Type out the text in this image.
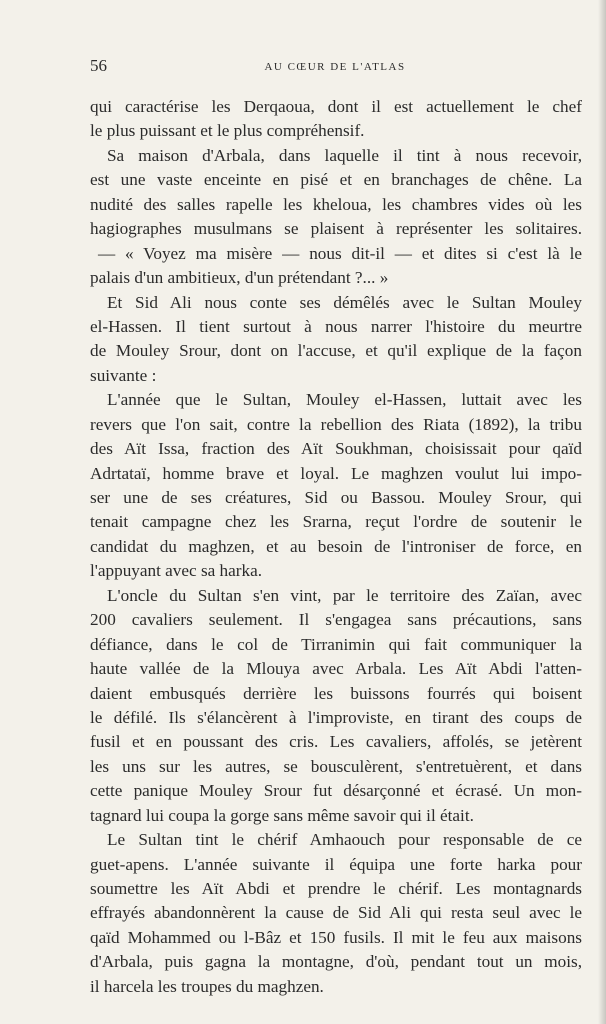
56	AU CŒUR DE L'ATLAS
qui caractérise les Derqaoua, dont il est actuellement le chef
le plus puissant et le plus compréhensif.
Sa maison d'Arbala, dans laquelle il tint à nous recevoir,
est une vaste enceinte en pisé et en branchages de chêne. La
nudité des salles rapelle les kheloua, les chambres vides où les
hagiographes musulmans se plaisent à représenter les solitaires.
— « Voyez ma misère — nous dit-il — et dites si c'est là le
palais d'un ambitieux, d'un prétendant ?... »
Et Sid Ali nous conte ses démêlés avec le Sultan Mouley
el-Hassen. Il tient surtout à nous narrer l'histoire du meurtre
de Mouley Srour, dont on l'accuse, et qu'il explique de la façon
suivante :
L'année que le Sultan, Mouley el-Hassen, luttait avec les
revers que l'on sait, contre la rebellion des Riata (1892), la tribu
des Aït Issa, fraction des Aït Soukhman, choisissait pour qaïd
Adrtataï, homme brave et loyal. Le maghzen voulut lui impo-
ser une de ses créatures, Sid ou Bassou. Mouley Srour, qui
tenait campagne chez les Srarna, reçut l'ordre de soutenir le
candidat du maghzen, et au besoin de l'introniser de force, en
l'appuyant avec sa harka.
L'oncle du Sultan s'en vint, par le territoire des Zaïan, avec
200 cavaliers seulement. Il s'engagea sans précautions, sans
défiance, dans le col de Tirranimin qui fait communiquer la
haute vallée de la Mlouya avec Arbala. Les Aït Abdi l'atten-
daient embusqués derrière les buissons fourrés qui boisent
le défilé. Ils s'élancèrent à l'improviste, en tirant des coups de
fusil et en poussant des cris. Les cavaliers, affolés, se jetèrent
les uns sur les autres, se bousculèrent, s'entretuèrent, et dans
cette panique Mouley Srour fut désarçonné et écrasé. Un mon-
tagnard lui coupa la gorge sans même savoir qui il était.
Le Sultan tint le chérif Amhaouch pour responsable de ce
guet-apens. L'année suivante il équipa une forte harka pour
soumettre les Aït Abdi et prendre le chérif. Les montagnards
effrayés abandonnèrent la cause de Sid Ali qui resta seul avec le
qaïd Mohammed ou l-Bâz et 150 fusils. Il mit le feu aux maisons
d'Arbala, puis gagna la montagne, d'où, pendant tout un mois,
il harcela les troupes du maghzen.
